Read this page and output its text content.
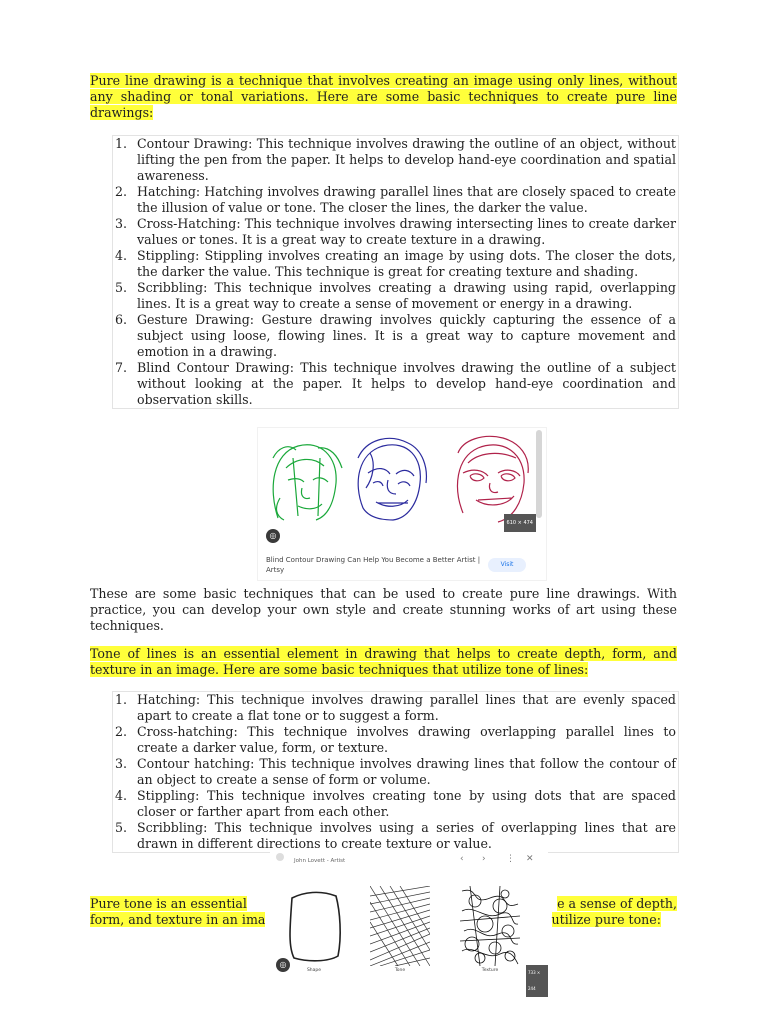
Pure line drawing is a technique that involves creating an image using only lines, without any shading or tonal variations. Here are some basic techniques to create pure line drawings:

1. Contour Drawing: This technique involves drawing the outline of an object, without lifting the pen from the paper. It helps to develop hand-eye coordination and spatial awareness.
2. Hatching: Hatching involves drawing parallel lines that are closely spaced to create the illusion of value or tone. The closer the lines, the darker the value.
3. Cross-Hatching: This technique involves drawing intersecting lines to create darker values or tones. It is a great way to create texture in a drawing.
4. Stippling: Stippling involves creating an image by using dots. The closer the dots, the darker the value. This technique is great for creating texture and shading.
5. Scribbling: This technique involves creating a drawing using rapid, overlapping lines. It is a great way to create a sense of movement or energy in a drawing.
6. Gesture Drawing: Gesture drawing involves quickly capturing the essence of a subject using loose, flowing lines. It is a great way to capture movement and emotion in a drawing.
7. Blind Contour Drawing: This technique involves drawing the outline of a subject without looking at the paper. It helps to develop hand-eye coordination and observation skills.
610 × 474
◎
Blind Contour Drawing Can Help You Become a Better Artist | Artsy
Visit

These are some basic techniques that can be used to create pure line drawings. With practice, you can develop your own style and create stunning works of art using these techniques.

Tone of lines is an essential element in drawing that helps to create depth, form, and texture in an image. Here are some basic techniques that utilize tone of lines:

1. Hatching: This technique involves drawing parallel lines that are evenly spaced apart to create a flat tone or to suggest a form.
2. Cross-hatching: This technique involves drawing overlapping parallel lines to create a darker value, form, or texture.
3. Contour hatching: This technique involves drawing lines that follow the contour of an object to create a sense of form or volume.
4. Stippling: This technique involves creating tone by using dots that are spaced closer or farther apart from each other.
5. Scribbling: This technique involves using a series of overlapping lines that are drawn in different directions to create texture or value.
Pure tone is an essential	e a sense of depth,
form, and texture in an ima	utilize pure tone:
John Lovett - Artist	‹ › ⋮ ✕
Shape	Tone	Texture
◎
733 × 244
